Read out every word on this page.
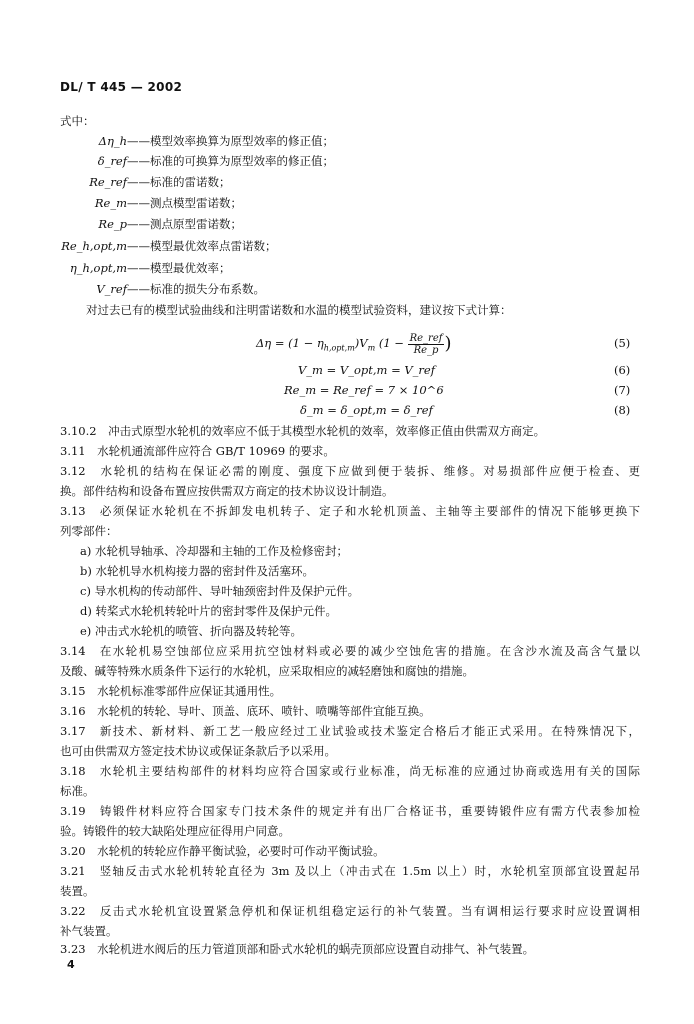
DL/ T 445 — 2002
式中：
Δη_h——模型效率换算为原型效率的修正值；
δ_ref——标准的可换算为原型效率的修正值；
Re_ref——标准的雷诺数；
Re_m——测点模型雷诺数；
Re_p——测点原型雷诺数；
Re_h,opt,m——模型最优效率点雷诺数；
η_h,opt,m——模型最优效率；
V_ref——标准的损失分布系数。
对过去已有的模型试验曲线和注明雷诺数和水温的模型试验资料，建议按下式计算：
$\Delta\eta = (1 - \eta_{h,opt,m})V_m$ ($1 - \frac{\text{Re\_ref}}{Re\_p}$ )	(5)
V_m = V_opt,m = V_ref	(6)
Re_m = Re_ref = 7 × 10^6	(7)
δ_m = δ_opt,m = δ_ref	(8)
3.10.2　冲击式原型水轮机的效率应不低于其模型水轮机的效率，效率修正值由供需双方商定。
3.11　水轮机通流部件应符合 GB/T 10969 的要求。
3.12　水轮机的结构在保证必需的刚度、强度下应做到便于装拆、维修。对易损部件应便于检查、更
换。部件结构和设备布置应按供需双方商定的技术协议设计制造。
3.13　必须保证水轮机在不拆卸发电机转子、定子和水轮机顶盖、主轴等主要部件的情况下能够更换下
列零部件：
a) 水轮机导轴承、冷却器和主轴的工作及检修密封；
b) 水轮机导水机构接力器的密封件及活塞环。
c) 导水机构的传动部件、导叶轴颈密封件及保护元件。
d) 转桨式水轮机转轮叶片的密封零件及保护元件。
e) 冲击式水轮机的喷管、折向器及转轮等。
3.14　在水轮机易空蚀部位应采用抗空蚀材料或必要的减少空蚀危害的措施。在含沙水流及高含气量以
及酸、碱等特殊水质条件下运行的水轮机，应采取相应的减轻磨蚀和腐蚀的措施。
3.15　水轮机标准零部件应保证其通用性。
3.16　水轮机的转轮、导叶、顶盖、底环、喷针、喷嘴等部件宜能互换。
3.17　新技术、新材料、新工艺一般应经过工业试验或技术鉴定合格后才能正式采用。在特殊情况下，
也可由供需双方签定技术协议或保证条款后予以采用。
3.18　水轮机主要结构部件的材料均应符合国家或行业标准，尚无标准的应通过协商或选用有关的国际
标准。
3.19　铸锻件材料应符合国家专门技术条件的规定并有出厂合格证书，重要铸锻件应有需方代表参加检
验。铸锻件的较大缺陷处理应征得用户同意。
3.20　水轮机的转轮应作静平衡试验，必要时可作动平衡试验。
3.21　竖轴反击式水轮机转轮直径为 3m 及以上（冲击式在 1.5m 以上）时，水轮机室顶部宜设置起吊
装置。
3.22　反击式水轮机宜设置紧急停机和保证机组稳定运行的补气装置。当有调相运行要求时应设置调相
补气装置。
3.23　水轮机进水阀后的压力管道顶部和卧式水轮机的蜗壳顶部应设置自动排气、补气装置。
4
